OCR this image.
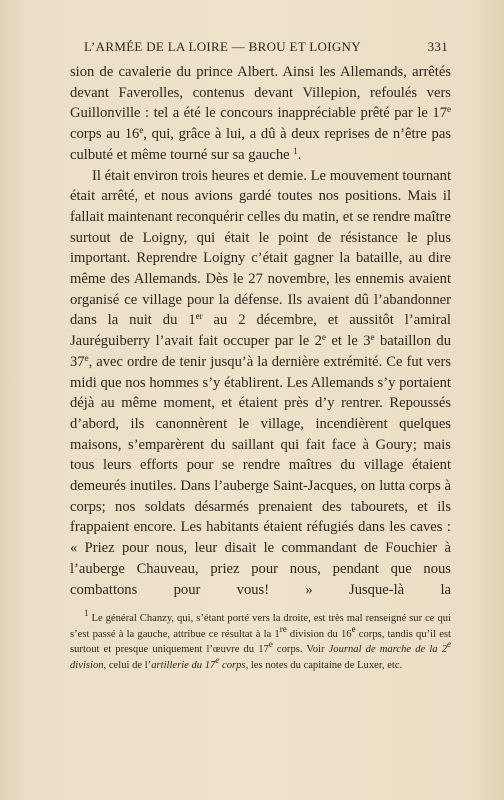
L’ARMÉE DE LA LOIRE — BROU ET LOIGNY	331

sion de cavalerie du prince Albert. Ainsi les Allemands, arrêtés devant Faverolles, contenus devant Villepion, refoulés vers Guillonville : tel a été le concours inappréciable prêté par le 17e corps au 16e, qui, grâce à lui, a dû à deux reprises de n’être pas culbuté et même tourné sur sa gauche $^1$.

Il était environ trois heures et demie. Le mouvement tournant était arrêté, et nous avions gardé toutes nos positions. Mais il fallait maintenant reconquérir celles du matin, et se rendre maître surtout de Loigny, qui était le point de résistance le plus important. Reprendre Loigny c’était gagner la bataille, au dire même des Allemands. Dès le 27 novembre, les ennemis avaient organisé ce village pour la défense. Ils avaient dû l’abandonner dans la nuit du 1er au 2 décembre, et aussitôt l’amiral Jauréguiberry l’avait fait occuper par le 2e et le 3e bataillon du 37e, avec ordre de tenir jusqu’à la dernière extrémité. Ce fut vers midi que nos hommes s’y établirent. Les Allemands s’y portaient déjà au même moment, et étaient près d’y rentrer. Repoussés d’abord, ils canonnèrent le village, incendièrent quelques maisons, s’emparèrent du saillant qui fait face à Goury; mais tous leurs efforts pour se rendre maîtres du village étaient demeurés inutiles. Dans l’auberge Saint-Jacques, on lutta corps à corps; nos soldats désarmés prenaient des tabourets, et ils frappaient encore. Les habitants étaient réfugiés dans les caves : « Priez pour nous, leur disait le commandant de Fouchier à l’auberge Chauveau, priez pour nous, pendant que nous combattons pour vous! » Jusque-là la

$^1$ Le général Chanzy, qui, s’étant porté vers la droite, est très mal renseigné sur ce qui s’est passé à la gauche, attribue ce résultat à la 1re division du 16e corps, tandis qu’il est surtout et presque uniquement l’œuvre du 17e corps. Voir Journal de marche de la 2e division, celui de l’artillerie du 17e corps, les notes du capitaine de Luxer, etc.
